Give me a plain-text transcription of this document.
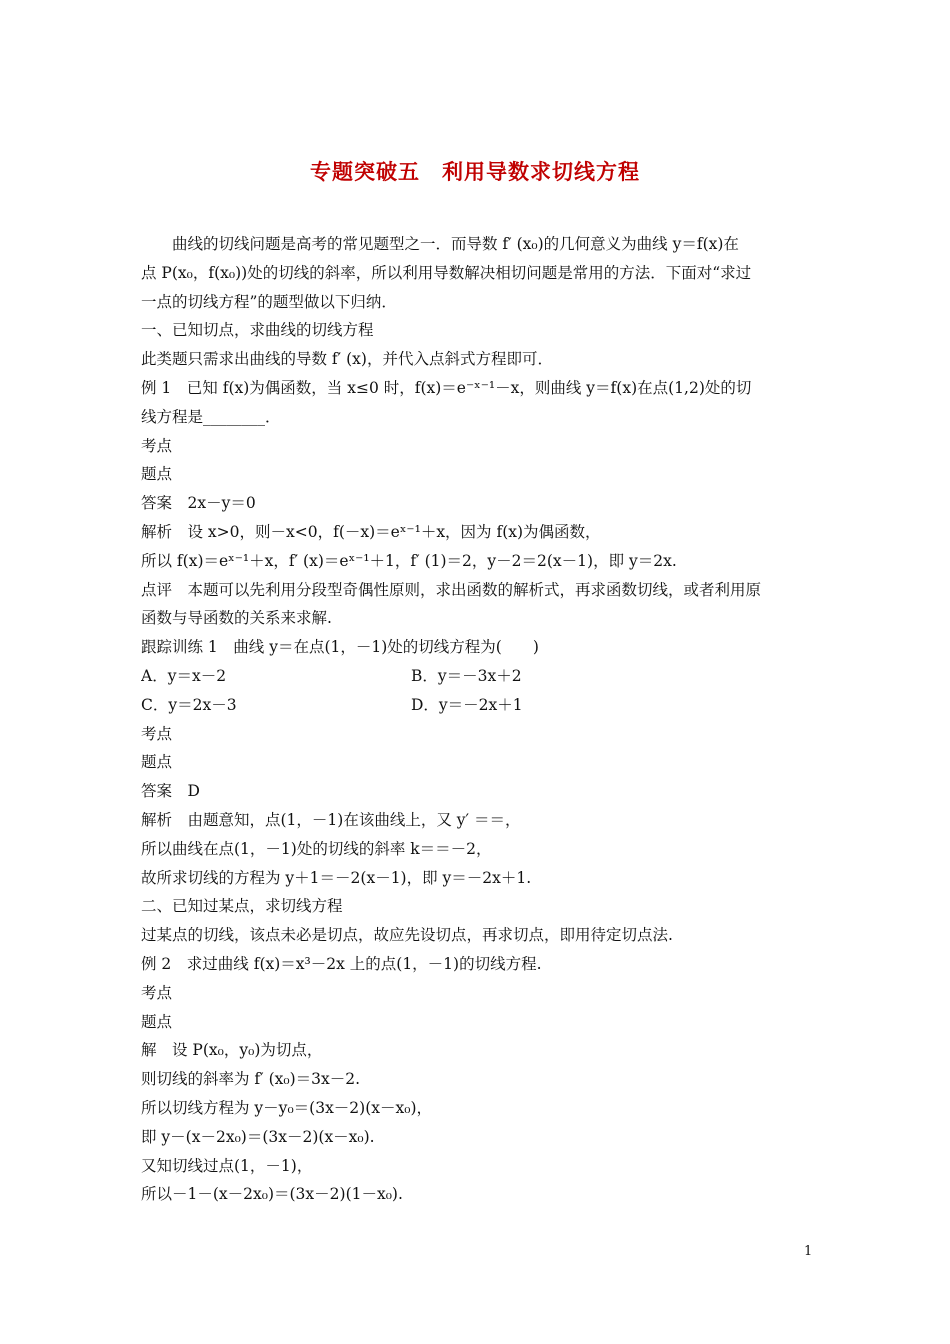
专题突破五　利用导数求切线方程
曲线的切线问题是高考的常见题型之一．而导数 f′ (x₀)的几何意义为曲线 y＝f(x)在
点 P(x₀，f(x₀))处的切线的斜率，所以利用导数解决相切问题是常用的方法．下面对“求过
一点的切线方程”的题型做以下归纳．
一、已知切点，求曲线的切线方程
此类题只需求出曲线的导数 f′ (x)，并代入点斜式方程即可．
例 1　已知 f(x)为偶函数，当 x≤0 时，f(x)＝e⁻ˣ⁻¹－x，则曲线 y＝f(x)在点(1,2)处的切
线方程是________．
考点
题点
答案　2x－y＝0
解析　设 x>0，则－x<0，f(－x)＝eˣ⁻¹＋x，因为 f(x)为偶函数，
所以 f(x)＝eˣ⁻¹＋x，f′ (x)＝eˣ⁻¹＋1，f′ (1)＝2，y－2＝2(x－1)，即 y＝2x.
点评　本题可以先利用分段型奇偶性原则，求出函数的解析式，再求函数切线，或者利用原
函数与导函数的关系来求解.
跟踪训练 1　曲线 y＝在点(1，－1)处的切线方程为(　　)
A．y＝x－2	B．y＝－3x＋2
C．y＝2x－3	D．y＝－2x＋1
考点
题点
答案　D
解析　由题意知，点(1，－1)在该曲线上，又 y′ ＝＝，
所以曲线在点(1，－1)处的切线的斜率 k＝＝－2，
故所求切线的方程为 y＋1＝－2(x－1)，即 y＝－2x＋1.
二、已知过某点，求切线方程
过某点的切线，该点未必是切点，故应先设切点，再求切点，即用待定切点法.
例 2　求过曲线 f(x)＝x³－2x 上的点(1，－1)的切线方程.
考点
题点
解　设 P(x₀，y₀)为切点，
则切线的斜率为 f′ (x₀)＝3x－2.
所以切线方程为 y－y₀＝(3x－2)(x－x₀)，
即 y－(x－2x₀)＝(3x－2)(x－x₀).
又知切线过点(1，－1)，
所以－1－(x－2x₀)＝(3x－2)(1－x₀).
1
